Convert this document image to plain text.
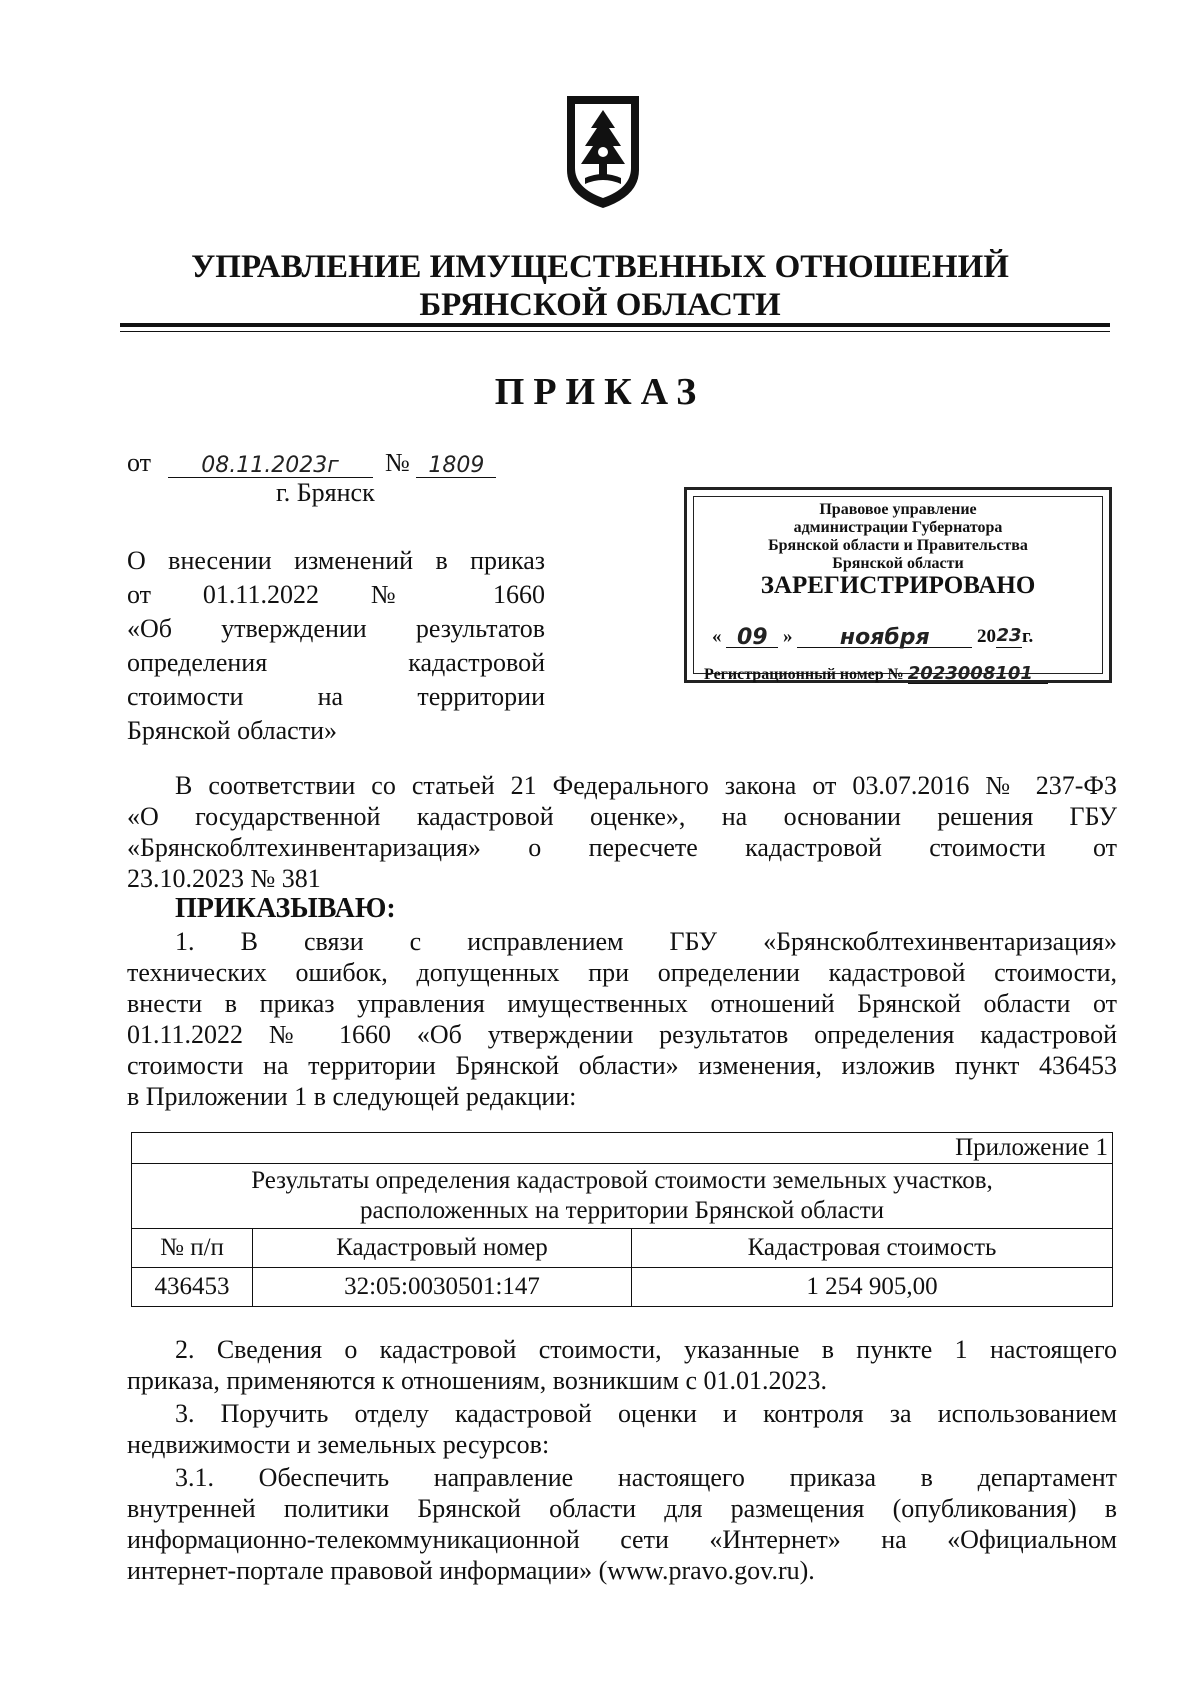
УПРАВЛЕНИЕ ИМУЩЕСТВЕННЫХ ОТНОШЕНИЙ
БРЯНСКОЙ ОБЛАСТИ
ПРИКАЗ
от 08.11.2023г № 1809
г. Брянск
О внесении изменений в приказ
от 01.11.2022 № 1660
«Об утверждении результатов
определения кадастровой
стоимости на территории
Брянской области»
Правовое управление
администрации Губернатора
Брянской области и Правительства
Брянской области
ЗАРЕГИСТРИРОВАНО
« 09 » ноября 2023г.
Регистрационный номер № 2023008101
В соответствии со статьей 21 Федерального закона от 03.07.2016 № 237-ФЗ
«О государственной кадастровой оценке», на основании решения ГБУ
«Брянскоблтехинвентаризация» о пересчете кадастровой стоимости от
23.10.2023 № 381
ПРИКАЗЫВАЮ:
1. В связи с исправлением ГБУ «Брянскоблтехинвентаризация»
технических ошибок, допущенных при определении кадастровой стоимости,
внести в приказ управления имущественных отношений Брянской области от
01.11.2022 № 1660 «Об утверждении результатов определения кадастровой
стоимости на территории Брянской области» изменения, изложив пункт 436453
в Приложении 1 в следующей редакции:
Приложение 1		

Результаты определения кадастровой стоимости земельных участков,
расположенных на территории Брянской области		

№ п/п	Кадастровый номер	Кадастровая стоимость
436453	32:05:0030501:147	1 254 905,00
2. Сведения о кадастровой стоимости, указанные в пункте 1 настоящего
приказа, применяются к отношениям, возникшим с 01.01.2023.
3. Поручить отделу кадастровой оценки и контроля за использованием
недвижимости и земельных ресурсов:
3.1. Обеспечить направление настоящего приказа в департамент
внутренней политики Брянской области для размещения (опубликования) в
информационно-телекоммуникационной сети «Интернет» на «Официальном
интернет-портале правовой информации» (www.pravo.gov.ru).
